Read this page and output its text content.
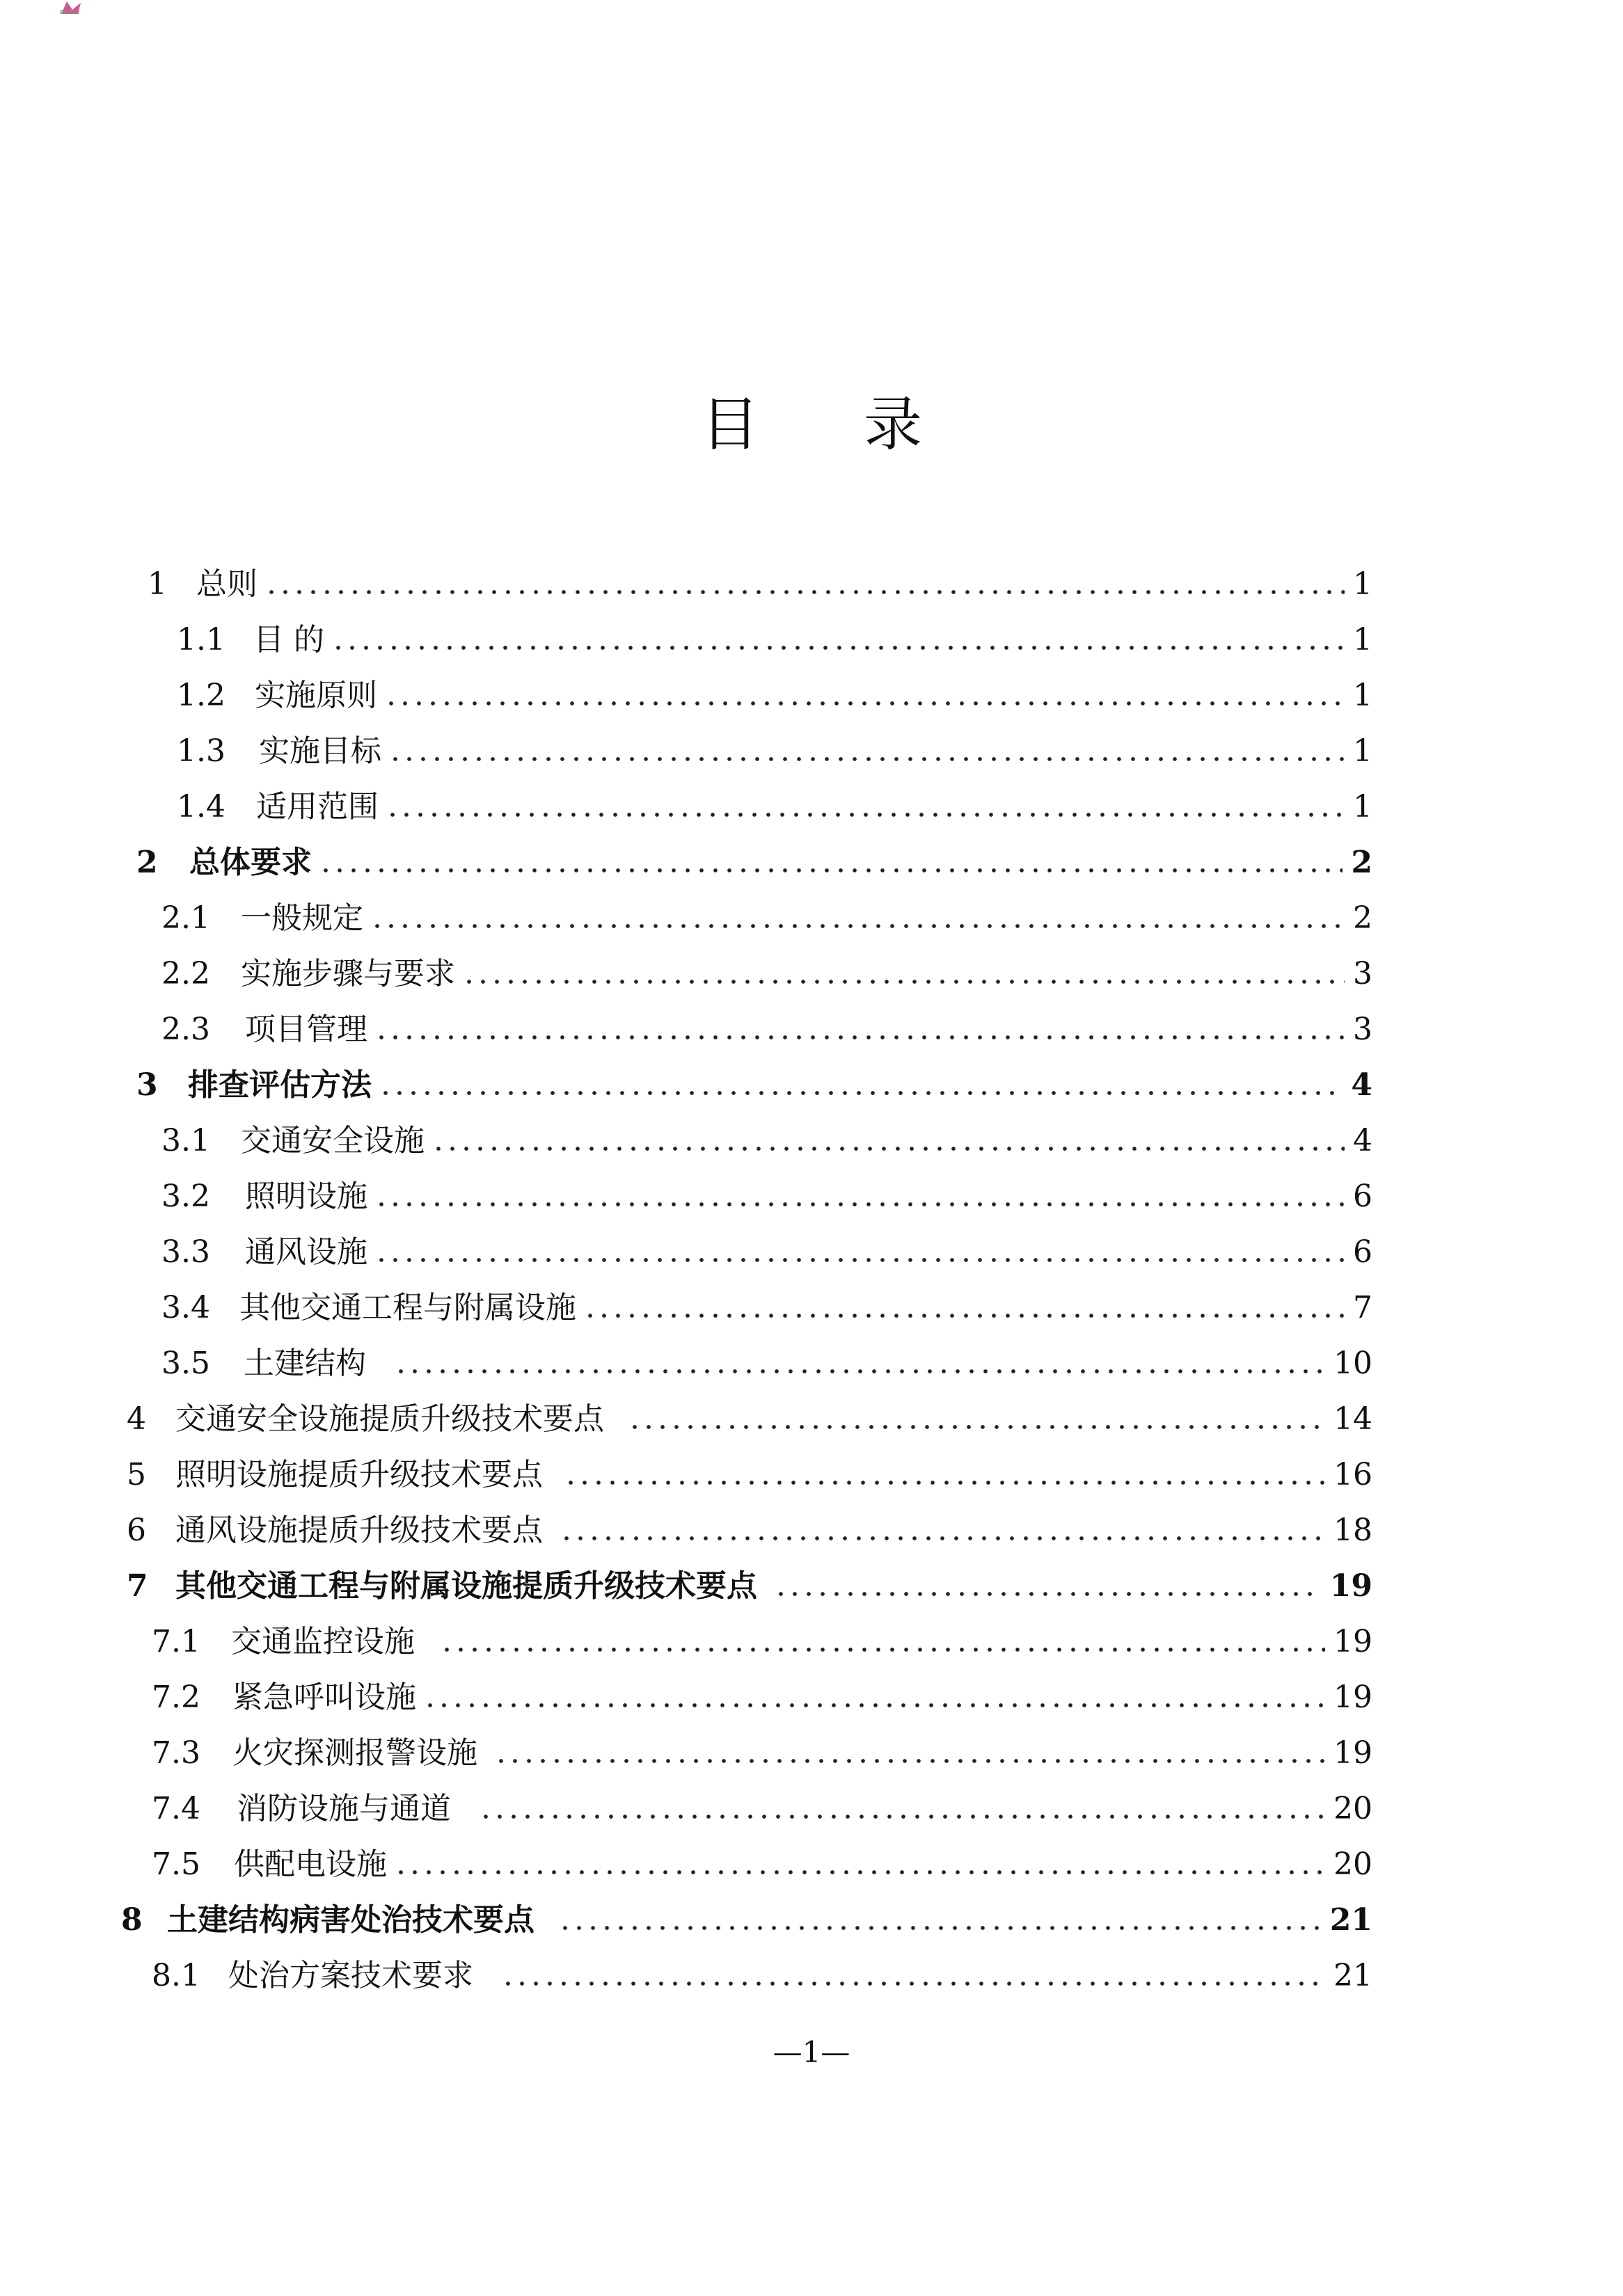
目 录
1 总则	1
1.1 目 的	1
1.2 实施原则	1
1.3	实施目标	1
1.4	适用范围	1
2	总体要求	2
2.1	一般规定	2
2.2	实施步骤与要求	3
2.3	项目管理	3
3 排查评估方法	4
3.1	交通安全设施	4
3.2	照明设施	6
3.3	通风设施	6
3.4 其他交通工程与附属设施	7
3.5	土建结构	10
4 交通安全设施提质升级技术要点	14
5 照明设施提质升级技术要点	16
6 通风设施提质升级技术要点	18
7 其他交通工程与附属设施提质升级技术要点	19
7.1	交通监控设施	19
7.2	紧急呼叫设施	19
7.3	火灾探测报警设施	19
7.4	消防设施与通道	20
7.5	供配电设施	20
8 土建结构病害处治技术要点	21
8.1 处治方案技术要求	21
—1—
